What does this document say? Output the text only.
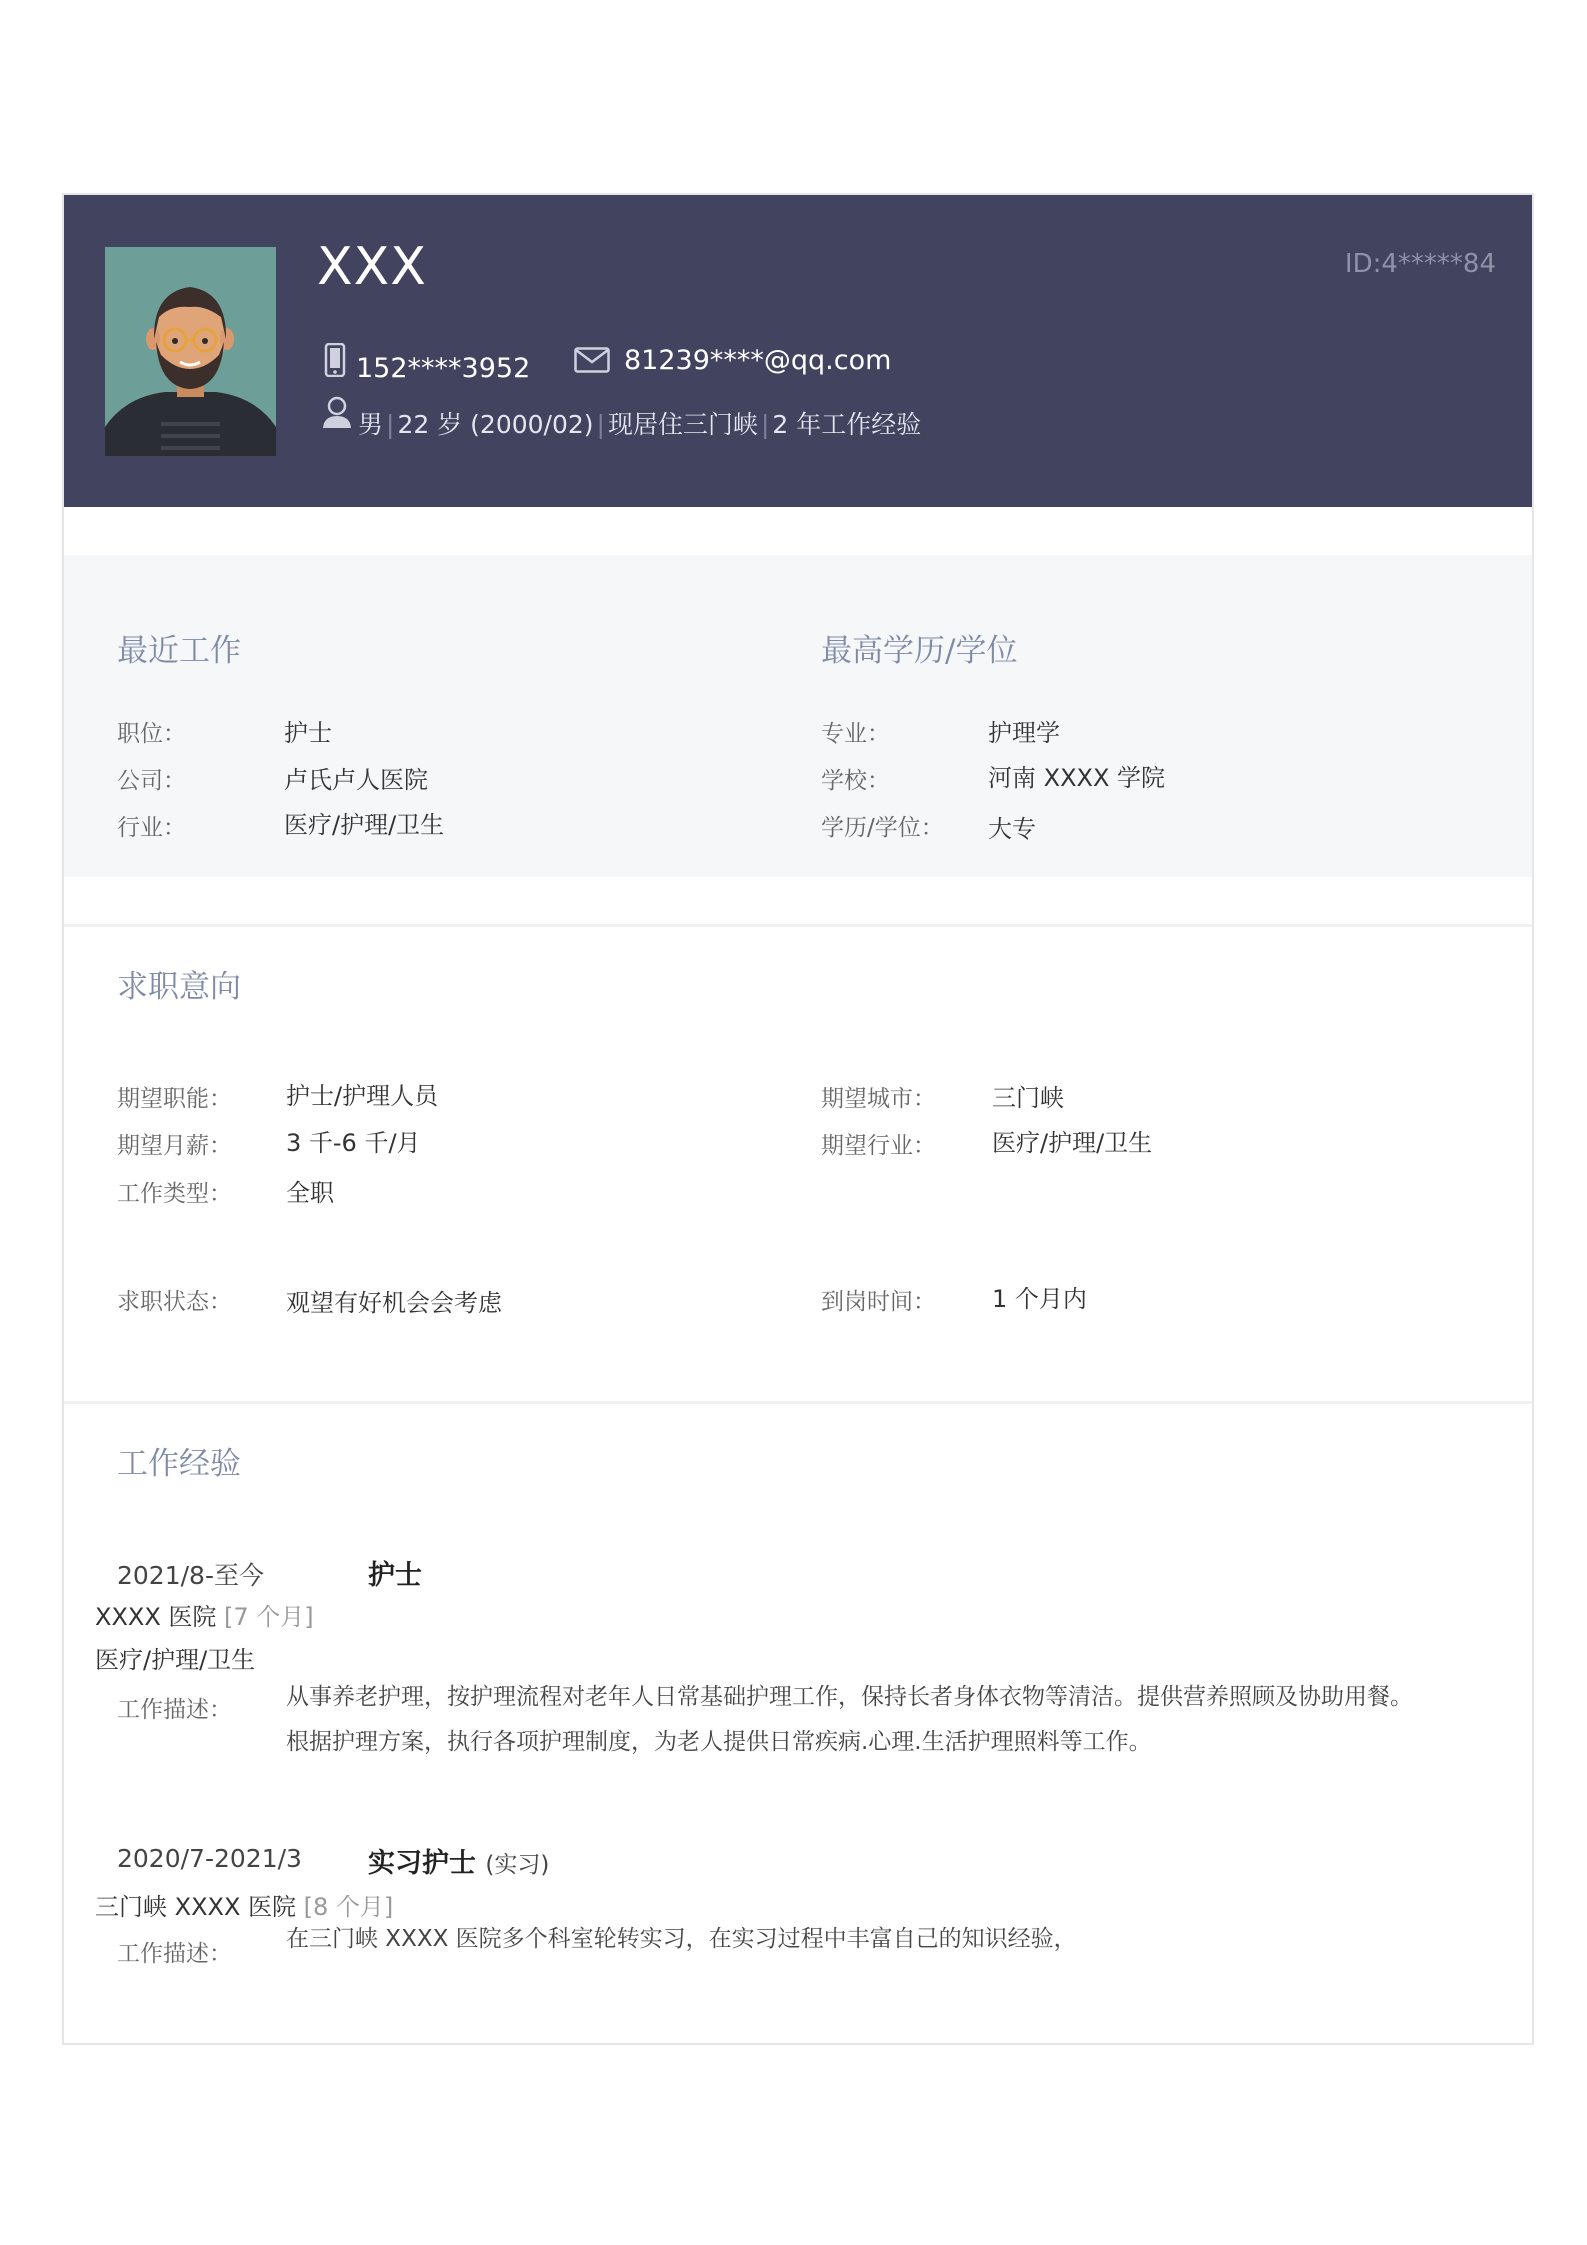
XXX	ID:4*****84
152****3952	81239****@qq.com
男 | 22 岁 (2000/02) | 现居住三门峡 | 2 年工作经验
最近工作
职位：	护士
公司：	卢氏卢人医院
行业：	医疗/护理/卫生
最高学历/学位
专业：	护理学
学校：	河南 XXXX 学院
学历/学位： 大专
求职意向
期望职能： 护士/护理人员
期望月薪： 3 千-6 千/月
工作类型： 全职
期望城市： 三门峡
期望行业： 医疗/护理/卫生
求职状态： 观望有好机会会考虑	到岗时间： 1 个月内
工作经验
2021/8-至今	护士
XXXX 医院 [7 个月]
医疗/护理/卫生
工作描述： 从事养老护理，按护理流程对老年人日常基础护理工作，保持长者身体衣物等清洁。提供营养照顾及协助用餐。
根据护理方案，执行各项护理制度，为老人提供日常疾病.心理.生活护理照料等工作。
2020/7-2021/3 实习护士 (实习)
三门峡 XXXX 医院 [8 个月]
工作描述：
在三门峡 XXXX 医院多个科室轮转实习，在实习过程中丰富自己的知识经验，
